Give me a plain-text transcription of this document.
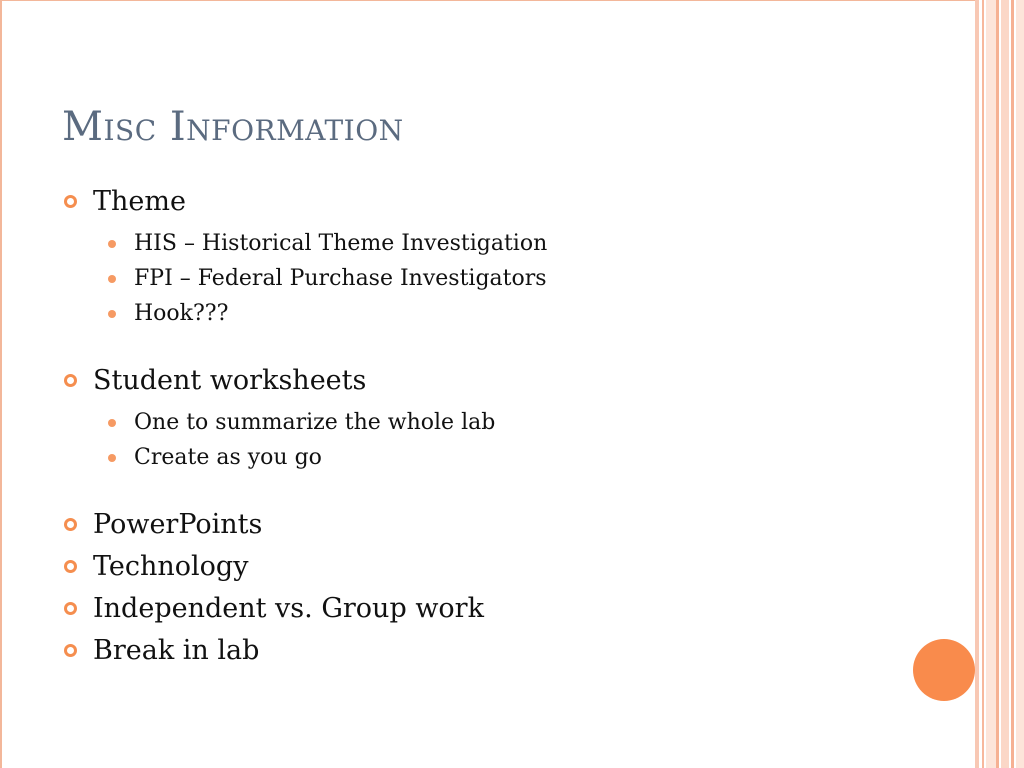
Misc Information
Theme
HIS – Historical Theme Investigation
FPI – Federal Purchase Investigators
Hook???
Student worksheets
One to summarize the whole lab
Create as you go
PowerPoints
Technology
Independent vs. Group work
Break in lab
